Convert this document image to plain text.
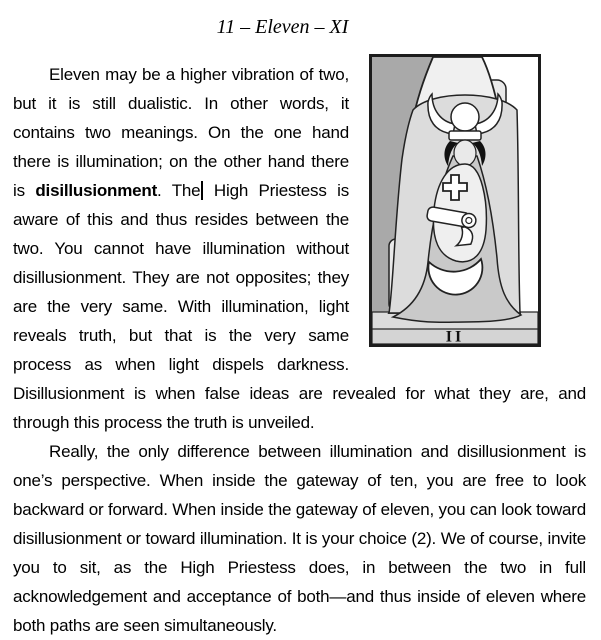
11 – Eleven – XI
II

Eleven may be a higher vibration of two, but it is still dualistic. In other words, it contains two meanings. On the one hand there is illumination; on the other hand there is disillusionment. The High Priestess is aware of this and thus resides between the two. You cannot have illumination without disillusionment. They are not opposites; they are the very same. With illumination, light reveals truth, but that is the very same process as when light dispels darkness. Disillusionment is when false ideas are revealed for what they are, and through this process the truth is unveiled.

Really, the only difference between illumination and disillusionment is one’s perspective. When inside the gateway of ten, you are free to look backward or forward. When inside the gateway of eleven, you can look toward disillusionment or toward illumination. It is your choice (2). We of course, invite you to sit, as the High Priestess does, in between the two in full acknowledgement and acceptance of both—and thus inside of eleven where both paths are seen simultaneously.
